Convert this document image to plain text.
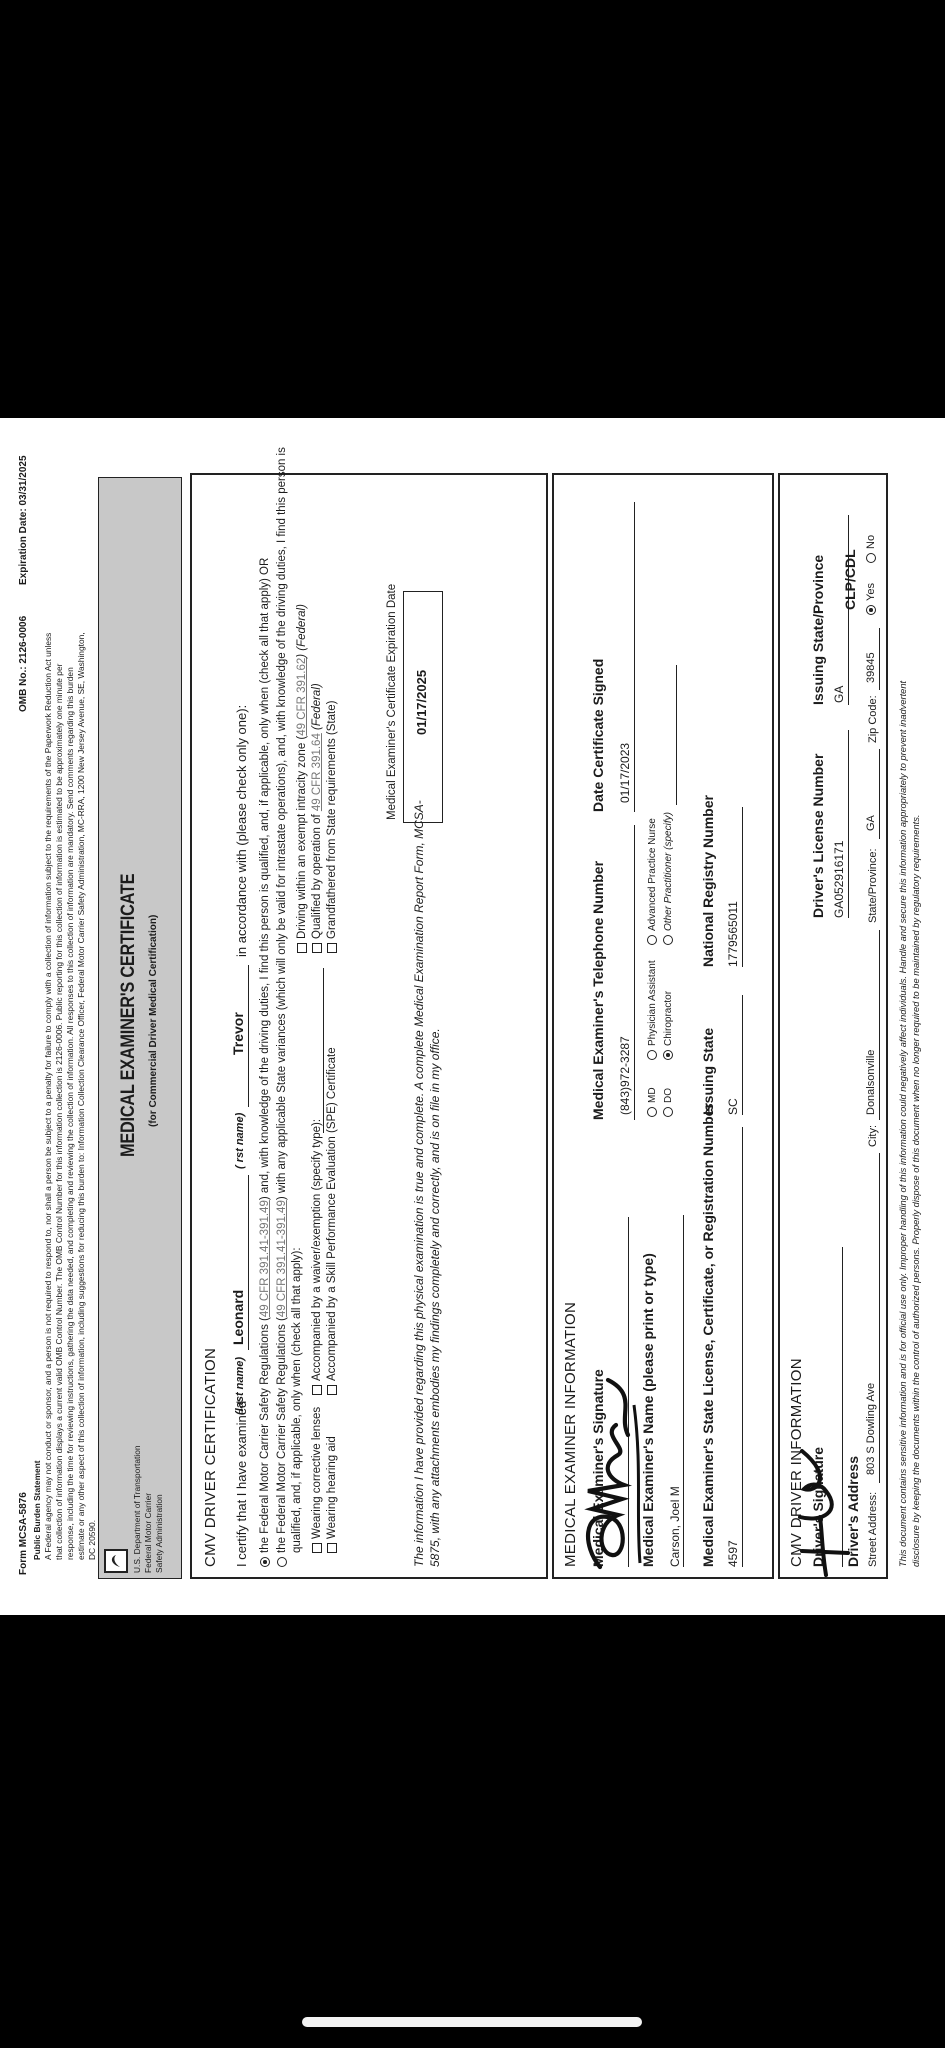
Form MCSA-5876
OMB No.: 2126-0006
Expiration Date: 03/31/2025
Public Burden Statement A Federal agency may not conduct or sponsor, and a person is not required to respond to, nor shall a person be subject to a penalty for failure to comply with a collection of information subject to the requirements of the Paperwork Reduction Act unless that collection of information displays a current valid OMB Control Number. The OMB Control Number for this information collection is 2126-0006. Public reporting for this collection of information is estimated to be approximately one minute per response, including the time for reviewing instructions, gathering the data needed, and completing and reviewing the collection of information. All responses to this collection of information are mandatory. Send comments regarding this burden estimate or any other aspect of this collection of information, including suggestions for reducing this burden to: Information Collection Clearance Officer, Federal Motor Carrier Safety Administration, MC-RRA, 1200 New Jersey Avenue, SE, Washington, DC 20590.	U.S. Department of Transportation Federal Motor Carrier Safety Administration
MEDICAL EXAMINER'S CERTIFICATE (for Commercial Driver Medical Certification)
CMV DRIVER CERTIFICATION I certify that I have examined
(last name)
Leonard
( rst name)
Trevor
in accordance with (please check only one):
the Federal Motor Carrier Safety Regulations (49 CFR 391.41-391.49) and, with knowledge of the driving duties, I find this person is qualified, and, if applicable, only when (check all that apply) OR
the Federal Motor Carrier Safety Regulations (49 CFR 391.41-391.49) with any applicable State variances (which will only be valid for intrastate operations), and, with knowledge of the driving duties, I find this person is
qualified, and, if applicable, only when (check all that apply): Wearing corrective lenses Wearing hearing aid
Accompanied by a waiver/exemption (specify type): Accompanied by a Skill Performance Evaluation (SPE) Certificate
Driving within an exempt intracity zone (49 CFR 391.62) (Federal)
Qualified by operation of 49 CFR 391.64 (Federal) Grandfathered from State requirements (State)	The information I have provided regarding this physical examination is true and complete. A complete Medical Examination Report Form, MCSA- 5875, with any attachments embodies my findings completely and correctly, and is on file in my office.
Medical Examiner's Certificate Expiration Date 01/17/2025
MEDICAL EXAMINER INFORMATION Medical Examiner's Signature Medical Examiner's Name (please print or type) Carson, Joel M
Medical Examiner's Telephone Number (843)972-3287
Date Certificate Signed 01/17/2023
MD
Physician Assistant
Advanced Practice Nurse
DO
Chiropractor
Other Practitioner (specify)
Medical Examiner's State License, Certificate, or Registration Number 4597
Issuing State SC
National Registry Number 1779565011
CMV DRIVER INFORMATION Driver's Signature Driver's Address
Driver's License Number GA052916171
Issuing State/Province GA
Street Address:
803 S Dowling Ave
City:
Donalsonville
State/Province:
GA
Zip Code:
39845
CLP/CDL Yes
No
This document contains sensitive information and is for official use only. Improper handling of this information could negatively affect individuals. Handle and secure this information appropriately to prevent inadvertent disclosure by keeping the documents within the control of authorized persons. Properly dispose of this document when no longer required to be maintained by regulatory requirements.
